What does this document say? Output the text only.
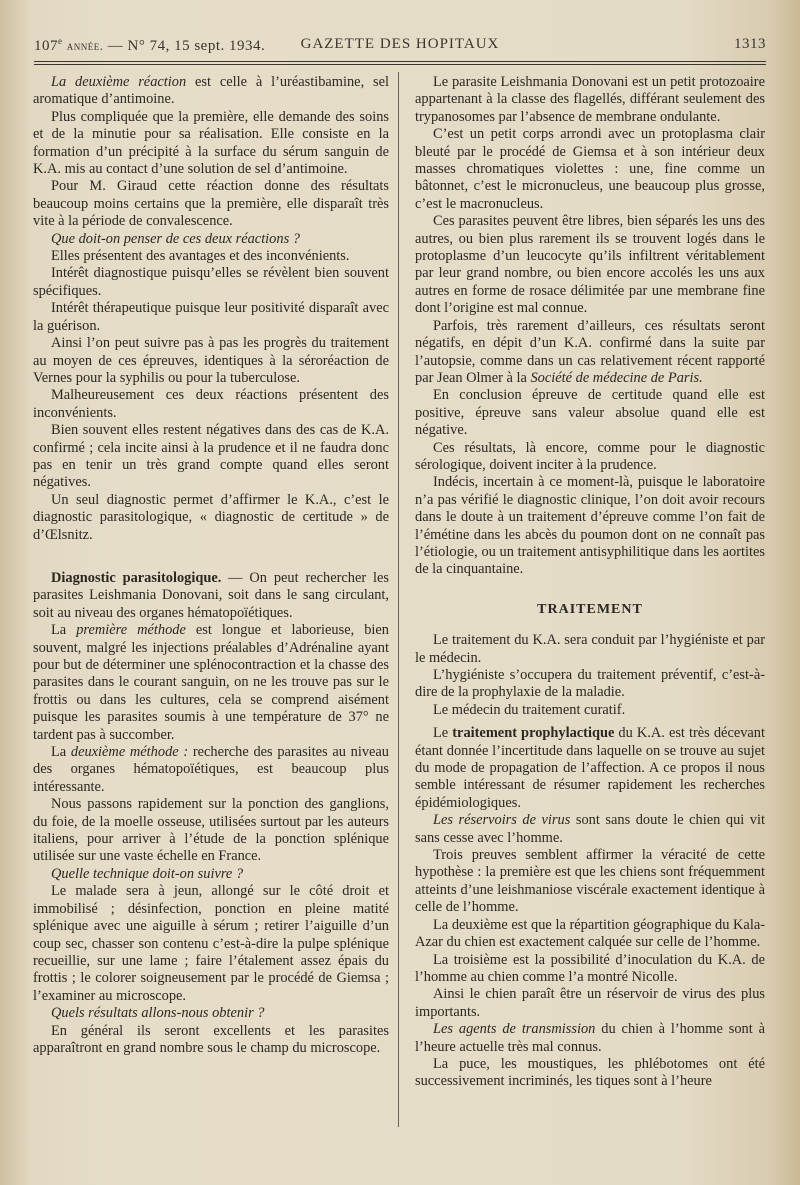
107e année. — N° 74, 15 sept. 1934.	GAZETTE DES HOPITAUX	1313

La deuxième réaction est celle à l’uréastibamine, sel aromatique d’antimoine.

Plus compliquée que la première, elle demande des soins et de la minutie pour sa réalisation. Elle consiste en la formation d’un précipité à la surface du sérum sanguin de K.A. mis au contact d’une solution de sel d’antimoine.

Pour M. Giraud cette réaction donne des résultats beaucoup moins certains que la première, elle disparaît très vite à la période de convalescence.

Que doit-on penser de ces deux réactions ?

Elles présentent des avantages et des inconvénients.

Intérêt diagnostique puisqu’elles se révèlent bien souvent spécifiques.

Intérêt thérapeutique puisque leur positivité disparaît avec la guérison.

Ainsi l’on peut suivre pas à pas les progrès du traitement au moyen de ces épreuves, identiques à la séroréaction de Vernes pour la syphilis ou pour la tuberculose.

Malheureusement ces deux réactions présentent des inconvénients.

Bien souvent elles restent négatives dans des cas de K.A. confirmé ; cela incite ainsi à la prudence et il ne faudra donc pas en tenir un très grand compte quand elles seront négatives.

Un seul diagnostic permet d’affirmer le K.A., c’est le diagnostic parasitologique, « diagnostic de certitude » de d’Œlsnitz.

Diagnostic parasitologique. — On peut rechercher les parasites Leishmania Donovani, soit dans le sang circulant, soit au niveau des organes hématopoïétiques.

La première méthode est longue et laborieuse, bien souvent, malgré les injections préalables d’Adrénaline ayant pour but de déterminer une splénocontraction et la chasse des parasites dans le courant sanguin, on ne les trouve pas sur le frottis ou dans les cultures, cela se comprend aisément puisque les parasites soumis à une température de 37° ne tardent pas à succomber.

La deuxième méthode : recherche des parasites au niveau des organes hématopoïétiques, est beaucoup plus intéressante.

Nous passons rapidement sur la ponction des ganglions, du foie, de la moelle osseuse, utilisées surtout par les auteurs italiens, pour arriver à l’étude de la ponction splénique utilisée sur une vaste échelle en France.

Quelle technique doit-on suivre ?

Le malade sera à jeun, allongé sur le côté droit et immobilisé ; désinfection, ponction en pleine matité splénique avec une aiguille à sérum ; retirer l’aiguille d’un coup sec, chasser son contenu c’est-à-dire la pulpe splénique recueillie, sur une lame ; faire l’étalement assez épais du frottis ; le colorer soigneusement par le procédé de Giemsa ; l’examiner au microscope.

Quels résultats allons-nous obtenir ?

En général ils seront excellents et les parasites apparaîtront en grand nombre sous le champ du microscope.

Le parasite Leishmania Donovani est un petit protozoaire appartenant à la classe des flagellés, différant seulement des trypanosomes par l’absence de membrane ondulante.

C’est un petit corps arrondi avec un protoplasma clair bleuté par le procédé de Giemsa et à son intérieur deux masses chromatiques violettes : une, fine comme un bâtonnet, c’est le micronucleus, une beaucoup plus grosse, c’est le macronucleus.

Ces parasites peuvent être libres, bien séparés les uns des autres, ou bien plus rarement ils se trouvent logés dans le protoplasme d’un leucocyte qu’ils infiltrent véritablement par leur grand nombre, ou bien encore accolés les uns aux autres en forme de rosace délimitée par une membrane fine dont l’origine est mal connue.

Parfois, très rarement d’ailleurs, ces résultats seront négatifs, en dépit d’un K.A. confirmé dans la suite par l’autopsie, comme dans un cas relativement récent rapporté par Jean Olmer à la Société de médecine de Paris.

En conclusion épreuve de certitude quand elle est positive, épreuve sans valeur absolue quand elle est négative.

Ces résultats, là encore, comme pour le diagnostic sérologique, doivent inciter à la prudence.

Indécis, incertain à ce moment-là, puisque le laboratoire n’a pas vérifié le diagnostic clinique, l’on doit avoir recours dans le doute à un traitement d’épreuve comme l’on fait de l’émétine dans les abcès du poumon dont on ne connaît pas l’étiologie, ou un traitement antisyphilitique dans les aortites de la cinquantaine.

TRAITEMENT

Le traitement du K.A. sera conduit par l’hygiéniste et par le médecin.

L’hygiéniste s’occupera du traitement préventif, c’est-à-dire de la prophylaxie de la maladie.

Le médecin du traitement curatif.

Le traitement prophylactique du K.A. est très décevant étant donnée l’incertitude dans laquelle on se trouve au sujet du mode de propagation de l’affection. A ce propos il nous semble intéressant de résumer rapidement les recherches épidémiologiques.

Les réservoirs de virus sont sans doute le chien qui vit sans cesse avec l’homme.

Trois preuves semblent affirmer la véracité de cette hypothèse : la première est que les chiens sont fréquemment atteints d’une leishmaniose viscérale exactement identique à celle de l’homme.

La deuxième est que la répartition géographique du Kala-Azar du chien est exactement calquée sur celle de l’homme.

La troisième est la possibilité d’inoculation du K.A. de l’homme au chien comme l’a montré Nicolle.

Ainsi le chien paraît être un réservoir de virus des plus importants.

Les agents de transmission du chien à l’homme sont à l’heure actuelle très mal connus.

La puce, les moustiques, les phlébotomes ont été successivement incriminés, les tiques sont à l’heure
